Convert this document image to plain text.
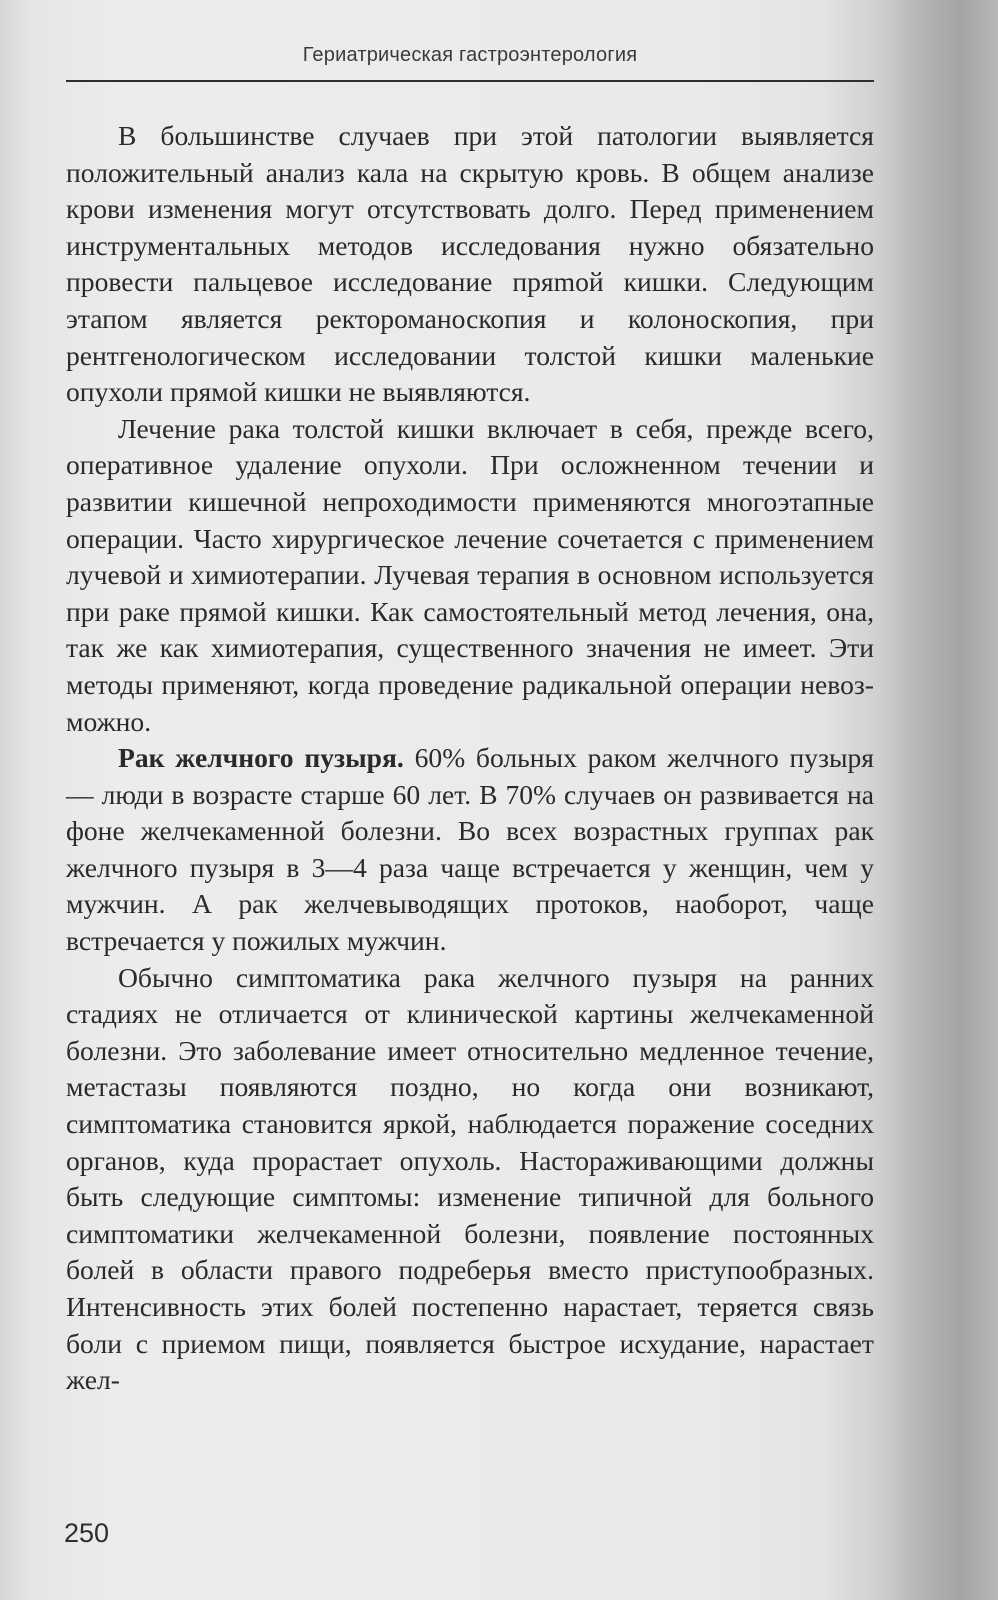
Гериатрическая гастроэнтерология

В большинстве случаев при этой патологии выявляется положительный анализ кала на скрытую кровь. В общем анализе крови изменения могут отсутствовать долго. Перед применением инструментальных методов исследования нужно обязательно провести пальцевое исследование пряmой кишки. Следующим этапом является ректороманоскопия и колоноскопия, при рентгенологическом исследовании толстой кишки маленькие опухоли прямой кишки не выявляются.

Лечение рака толстой кишки включает в себя, прежде всего, оперативное удаление опухоли. При осложненном течении и развитии кишечной непроходимости применяются многоэтапные операции. Часто хирургическое лечение сочетается с применением лучевой и химиотерапии. Лучевая терапия в основном используется при раке прямой кишки. Как самостоятельный метод лечения, она, так же как химиотерапия, существенного значения не имеет. Эти методы применяют, когда проведение радикальной операции невозможно.

Рак желчного пузыря. 60% больных раком желчного пузыря — люди в возрасте старше 60 лет. В 70% случаев он развивается на фоне желчекаменной болезни. Во всех возрастных группах рак желчного пузыря в 3—4 раза чаще встречается у женщин, чем у мужчин. А рак желчевыводящих протоков, наоборот, чаще встречается у пожилых мужчин.

Обычно симптоматика рака желчного пузыря на ранних стадиях не отличается от клинической картины желчекаменной болезни. Это заболевание имеет относительно медленное течение, метастазы появляются поздно, но когда они возникают, симптоматика становится яркой, наблюдается поражение соседних органов, куда прорастает опухоль. Настораживающими должны быть следующие симптомы: изменение типичной для больного симптоматики желчекаменной болезни, появление постоянных болей в области правого подреберья вместо приступообразных. Интенсивность этих болей постепенно нарастает, теряется связь боли с приемом пищи, появляется быстрое исхудание, нарастает жел-

250
